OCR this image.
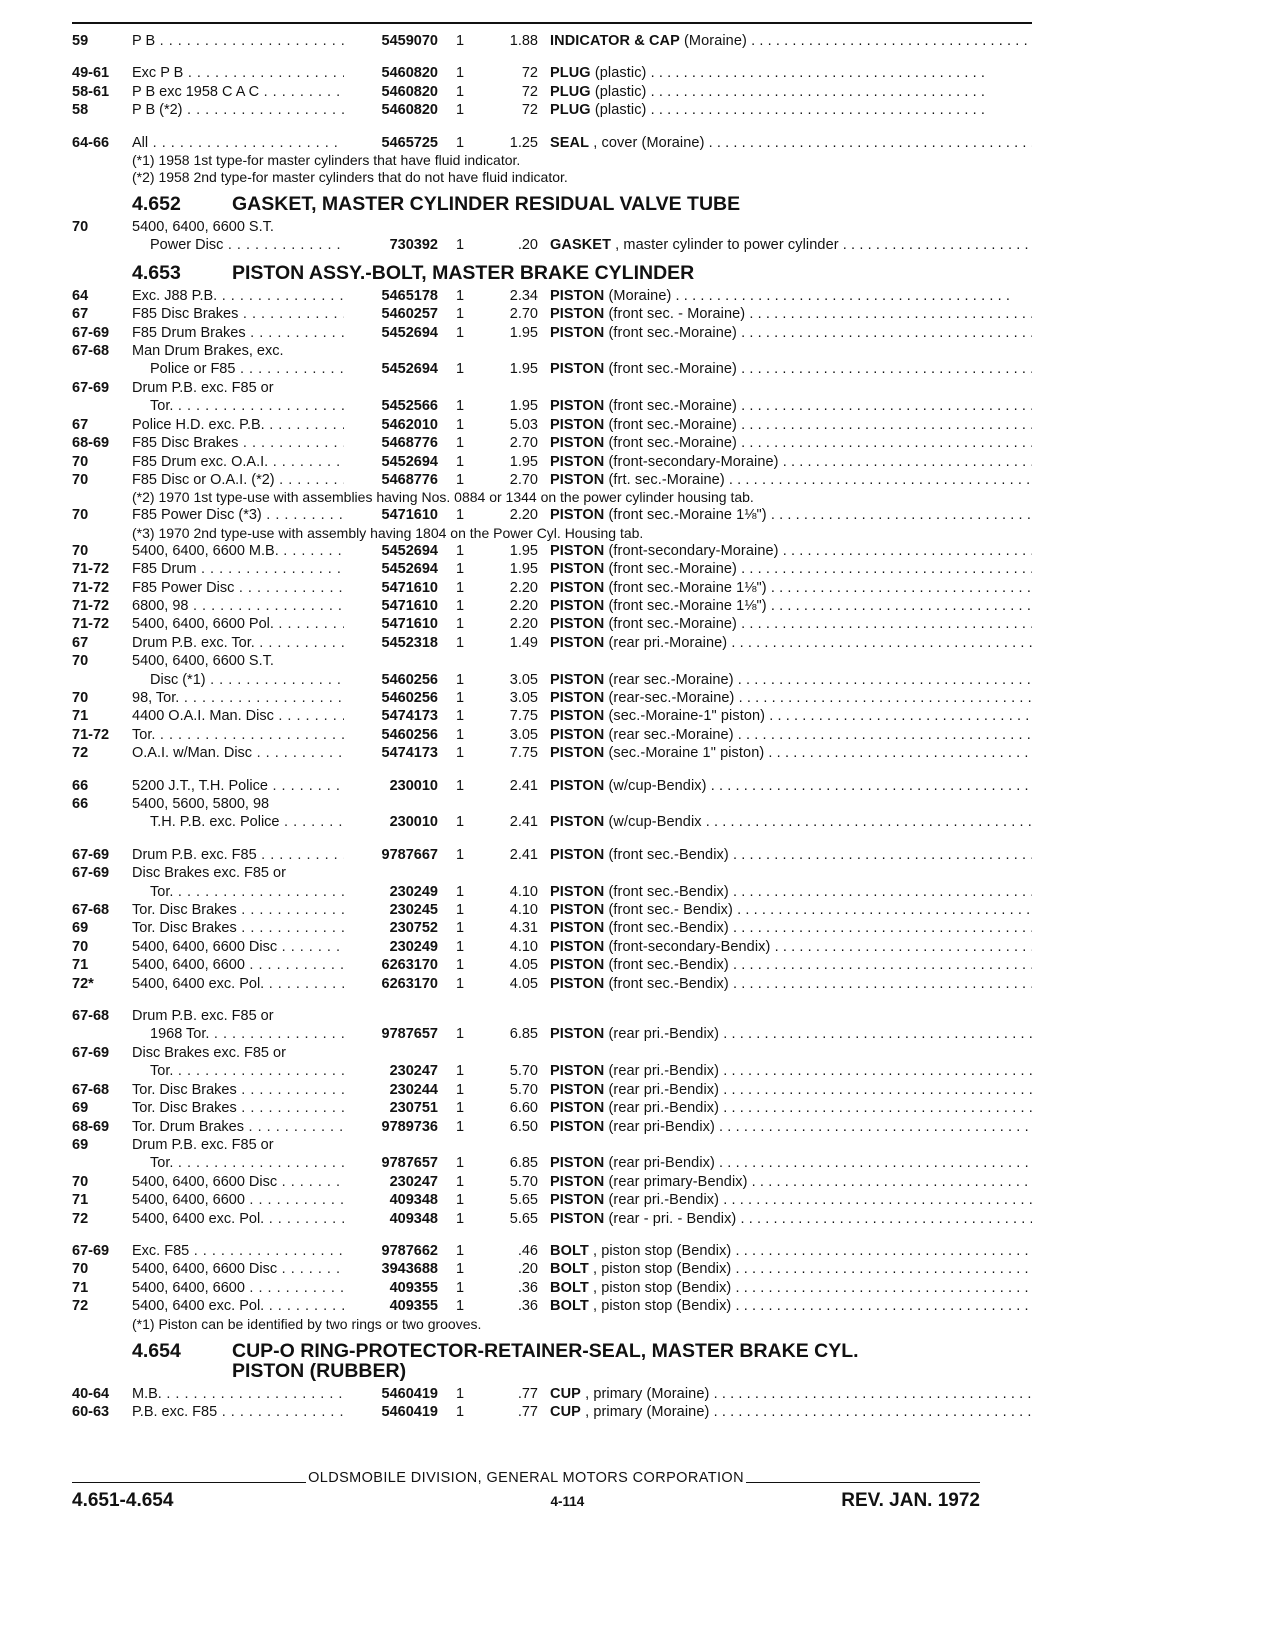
59	P B . . .	5459070	1	1.88 INDICATOR & CAP (Moraine) . . .
49-61	Exc P B . . .	5460820	1	72 PLUG (plastic) . . .
58-61	P B exc 1958 C A C . . .	5460820	1	72 PLUG (plastic) . . .
58	P B (*2) . . .	5460820	1	72 PLUG (plastic) . . .
64-66	All . . .	5465725	1	1.25 SEAL , cover (Moraine) . . .
(*1) 1958 1st type-for master cylinders that have fluid indicator.
(*2) 1958 2nd type-for master cylinders that do not have fluid indicator.
4.652	GASKET, MASTER CYLINDER RESIDUAL VALVE TUBE
70	5400, 6400, 6600 S.T.
Power Disc . . .	730392	1	.20 GASKET , master cylinder to power cylinder . . .
4.653	PISTON ASSY.-BOLT, MASTER BRAKE CYLINDER
64	Exc. J88 P.B. . . .	5465178	1	2.34 PISTON (Moraine) . . .
67	F85 Disc Brakes . . .	5460257	1	2.70 PISTON (front sec. - Moraine) . . .
67-69	F85 Drum Brakes . . .	5452694	1	1.95 PISTON (front sec.-Moraine) . . .
67-68	Man Drum Brakes, exc.
Police or F85 . . .	5452694	1	1.95 PISTON (front sec.-Moraine) . . .
67-69	Drum P.B. exc. F85 or
Tor. . . .	5452566	1	1.95 PISTON (front sec.-Moraine) . . .
67	Police H.D. exc. P.B. . . .	5462010	1	5.03 PISTON (front sec.-Moraine) . . .
68-69	F85 Disc Brakes . . .	5468776	1	2.70 PISTON (front sec.-Moraine) . . .
70	F85 Drum exc. O.A.I. . . .	5452694	1	1.95 PISTON (front-secondary-Moraine) . . .
70	F85 Disc or O.A.I. (*2) . . .	5468776	1	2.70 PISTON (frt. sec.-Moraine) . . .
(*2) 1970 1st type-use with assemblies having Nos. 0884 or 1344 on the power cylinder housing tab.
70	F85 Power Disc (*3) . . .	5471610	1	2.20 PISTON (front sec.-Moraine 1⅛") . . .
(*3) 1970 2nd type-use with assembly having 1804 on the Power Cyl. Housing tab.
70	5400, 6400, 6600 M.B. . . .	5452694	1	1.95 PISTON (front-secondary-Moraine) . . .
71-72	F85 Drum . . .	5452694	1	1.95 PISTON (front sec.-Moraine) . . .
71-72	F85 Power Disc . . .	5471610	1	2.20 PISTON (front sec.-Moraine 1⅛") . . .
71-72	6800, 98 . . .	5471610	1	2.20 PISTON (front sec.-Moraine 1⅛") . . .
71-72	5400, 6400, 6600 Pol. . . .	5471610	1	2.20 PISTON (front sec.-Moraine) . . .
67	Drum P.B. exc. Tor. . . .	5452318	1	1.49 PISTON (rear pri.-Moraine) . . .
70	5400, 6400, 6600 S.T.
Disc (*1) . . .	5460256	1	3.05 PISTON (rear sec.-Moraine) . . .
70	98, Tor. . . .	5460256	1	3.05 PISTON (rear-sec.-Moraine) . . .
71	4400 O.A.I. Man. Disc . . .	5474173	1	7.75 PISTON (sec.-Moraine-1" piston) . . .
71-72	Tor. . . .	5460256	1	3.05 PISTON (rear sec.-Moraine) . . .
72	O.A.I. w/Man. Disc . . .	5474173	1	7.75 PISTON (sec.-Moraine 1" piston) . . .
66	5200 J.T., T.H. Police . . .	230010	1	2.41 PISTON (w/cup-Bendix) . . .
66	5400, 5600, 5800, 98
T.H. P.B. exc. Police . . .	230010	1	2.41 PISTON (w/cup-Bendix . . .
67-69	Drum P.B. exc. F85 . . .	9787667	1	2.41 PISTON (front sec.-Bendix) . . .
67-69	Disc Brakes exc. F85 or
Tor. . . .	230249	1	4.10 PISTON (front sec.-Bendix) . . .
67-68	Tor. Disc Brakes . . .	230245	1	4.10 PISTON (front sec.- Bendix) . . .
69	Tor. Disc Brakes . . .	230752	1	4.31 PISTON (front sec.-Bendix) . . .
70	5400, 6400, 6600 Disc . . .	230249	1	4.10 PISTON (front-secondary-Bendix) . . .
71	5400, 6400, 6600 . . .	6263170	1	4.05 PISTON (front sec.-Bendix) . . .
72*	5400, 6400 exc. Pol. . . .	6263170	1	4.05 PISTON (front sec.-Bendix) . . .
67-68	Drum P.B. exc. F85 or
1968 Tor. . . .	9787657	1	6.85 PISTON (rear pri.-Bendix) . . .
67-69	Disc Brakes exc. F85 or
Tor. . . .	230247	1	5.70 PISTON (rear pri.-Bendix) . . .
67-68	Tor. Disc Brakes . . .	230244	1	5.70 PISTON (rear pri.-Bendix) . . .
69	Tor. Disc Brakes . . .	230751	1	6.60 PISTON (rear pri.-Bendix) . . .
68-69	Tor. Drum Brakes . . .	9789736	1	6.50 PISTON (rear pri-Bendix) . . .
69	Drum P.B. exc. F85 or
Tor. . . .	9787657	1	6.85 PISTON (rear pri-Bendix) . . .
70	5400, 6400, 6600 Disc . . .	230247	1	5.70 PISTON (rear primary-Bendix) . . .
71	5400, 6400, 6600 . . .	409348	1	5.65 PISTON (rear pri.-Bendix) . . .
72	5400, 6400 exc. Pol. . . .	409348	1	5.65 PISTON (rear - pri. - Bendix) . . .
67-69	Exc. F85 . . .	9787662	1	.46 BOLT , piston stop (Bendix) . . .
70	5400, 6400, 6600 Disc . . .	3943688	1	.20 BOLT , piston stop (Bendix) . . .
71	5400, 6400, 6600 . . .	409355	1	.36 BOLT , piston stop (Bendix) . . .
72	5400, 6400 exc. Pol. . . .	409355	1	.36 BOLT , piston stop (Bendix) . . .
(*1) Piston can be identified by two rings or two grooves.
4.654	CUP-O RING-PROTECTOR-RETAINER-SEAL, MASTER BRAKE CYL.
PISTON (RUBBER)
40-64	M.B. . . .	5460419	1	.77 CUP , primary (Moraine) . . .
60-63	P.B. exc. F85 . . .	5460419	1	.77 CUP , primary (Moraine) . . .
OLDSMOBILE DIVISION, GENERAL MOTORS CORPORATION
4.651-4.654	4-114	REV. JAN. 1972
